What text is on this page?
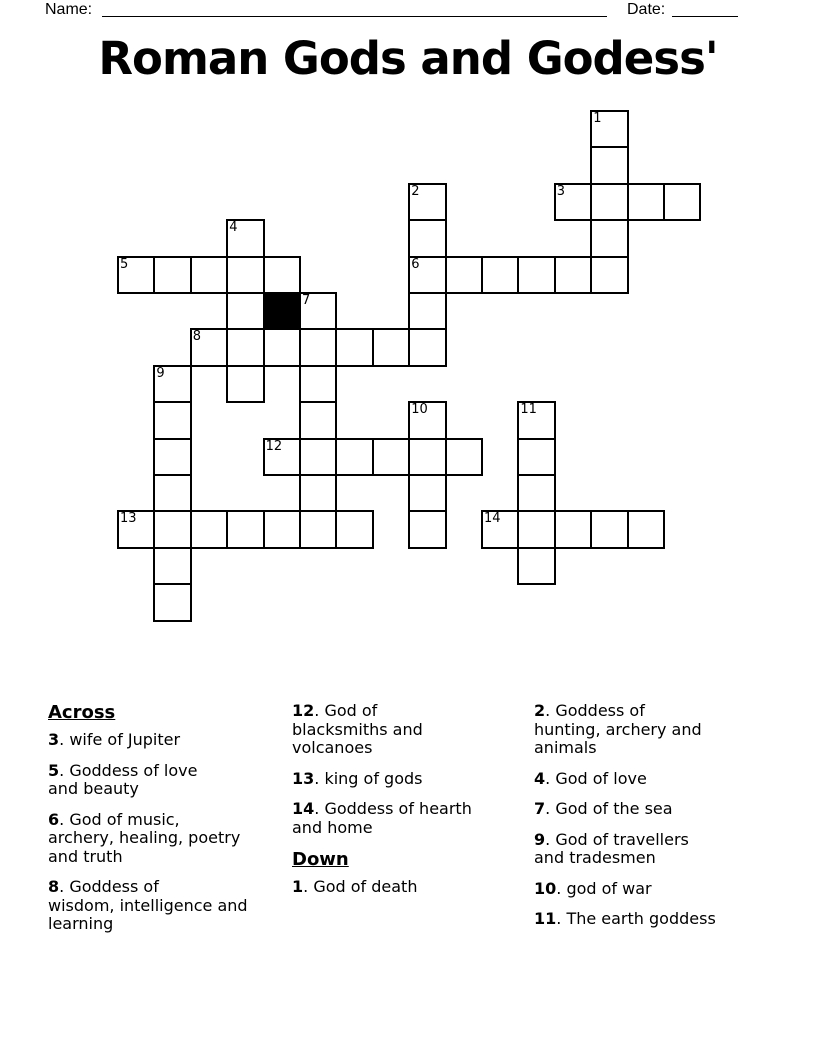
Name:	Date:
Roman Gods and Godess'
1
2	3
4
5	6
7
8
9
10	11
12
13	14
Across

3. wife of Jupiter

5. Goddess of love
and beauty

6. God of music,
archery, healing, poetry
and truth

8. Goddess of
wisdom, intelligence and
learning

12. God of
blacksmiths and
volcanoes

13. king of gods

14. Goddess of hearth
and home

Down

1. God of death

2. Goddess of
hunting, archery and
animals

4. God of love

7. God of the sea

9. God of travellers
and tradesmen

10. god of war

11. The earth goddess
